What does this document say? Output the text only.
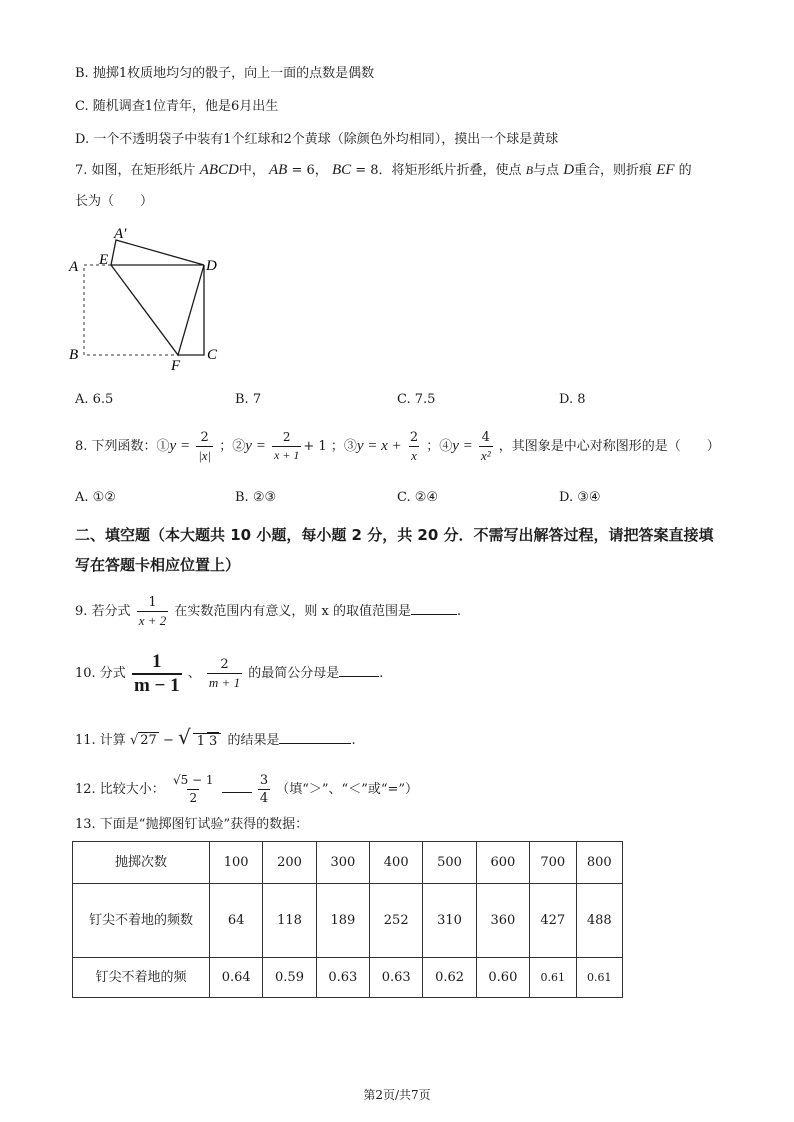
B. 抛掷1枚质地均匀的骰子，向上一面的点数是偶数
C. 随机调查1位青年，他是6月出生
D. 一个不透明袋子中装有1个红球和2个黄球（除颜色外均相同），摸出一个球是黄球
7. 如图，在矩形纸片 ABCD中， AB = 6， BC = 8．将矩形纸片折叠，使点 B与点 D重合，则折痕 EF 的
长为（　　）
A′
A E	D
B
F
C
A. 6.5	B. 7	C. 7.5	D. 8
8. 下列函数：①y = $\frac{2}{|x|}$ ；②y = $\frac{2}{x + 1} + 1$ ；③y = $x + \frac{2}{x}$ ；④y = $\frac{4}{\text{x²}}$ ，其图象是中心对称图形的是（　　）
A. ①②	B. ②③	C. ②④	D. ③④
二、填空题（本大题共 10 小题，每小题 2 分，共 20 分．不需写出解答过程，请把答案直接填写在答题卡相应位置上）
9. 若分式 $\frac{1}{x + 2}$ 在实数范围内有意义，则 x 的取值范围是	.
10. 分式 $\frac{1}{m - 1}$ 、 $\frac{2}{m + 1}$ 的最简公分母是	.
11. 计算 √ 27 − √ 1 3 的结果是	.
12. 比较大小： $\frac{√5 - 1}{2}$
	$\frac{3}{4}$ （填“＞”、“＜”或“=”）
13. 下面是“抛掷图钉试验”获得的数据：
抛掷次数	100	200	300	400	500	600	700	800
钉尖不着地的频数	64	118	189	252	310	360	427	488
钉尖不着地的频	0.64	0.59	0.63	0.63	0.62	0.60	0.61	0.61
第2页/共7页
